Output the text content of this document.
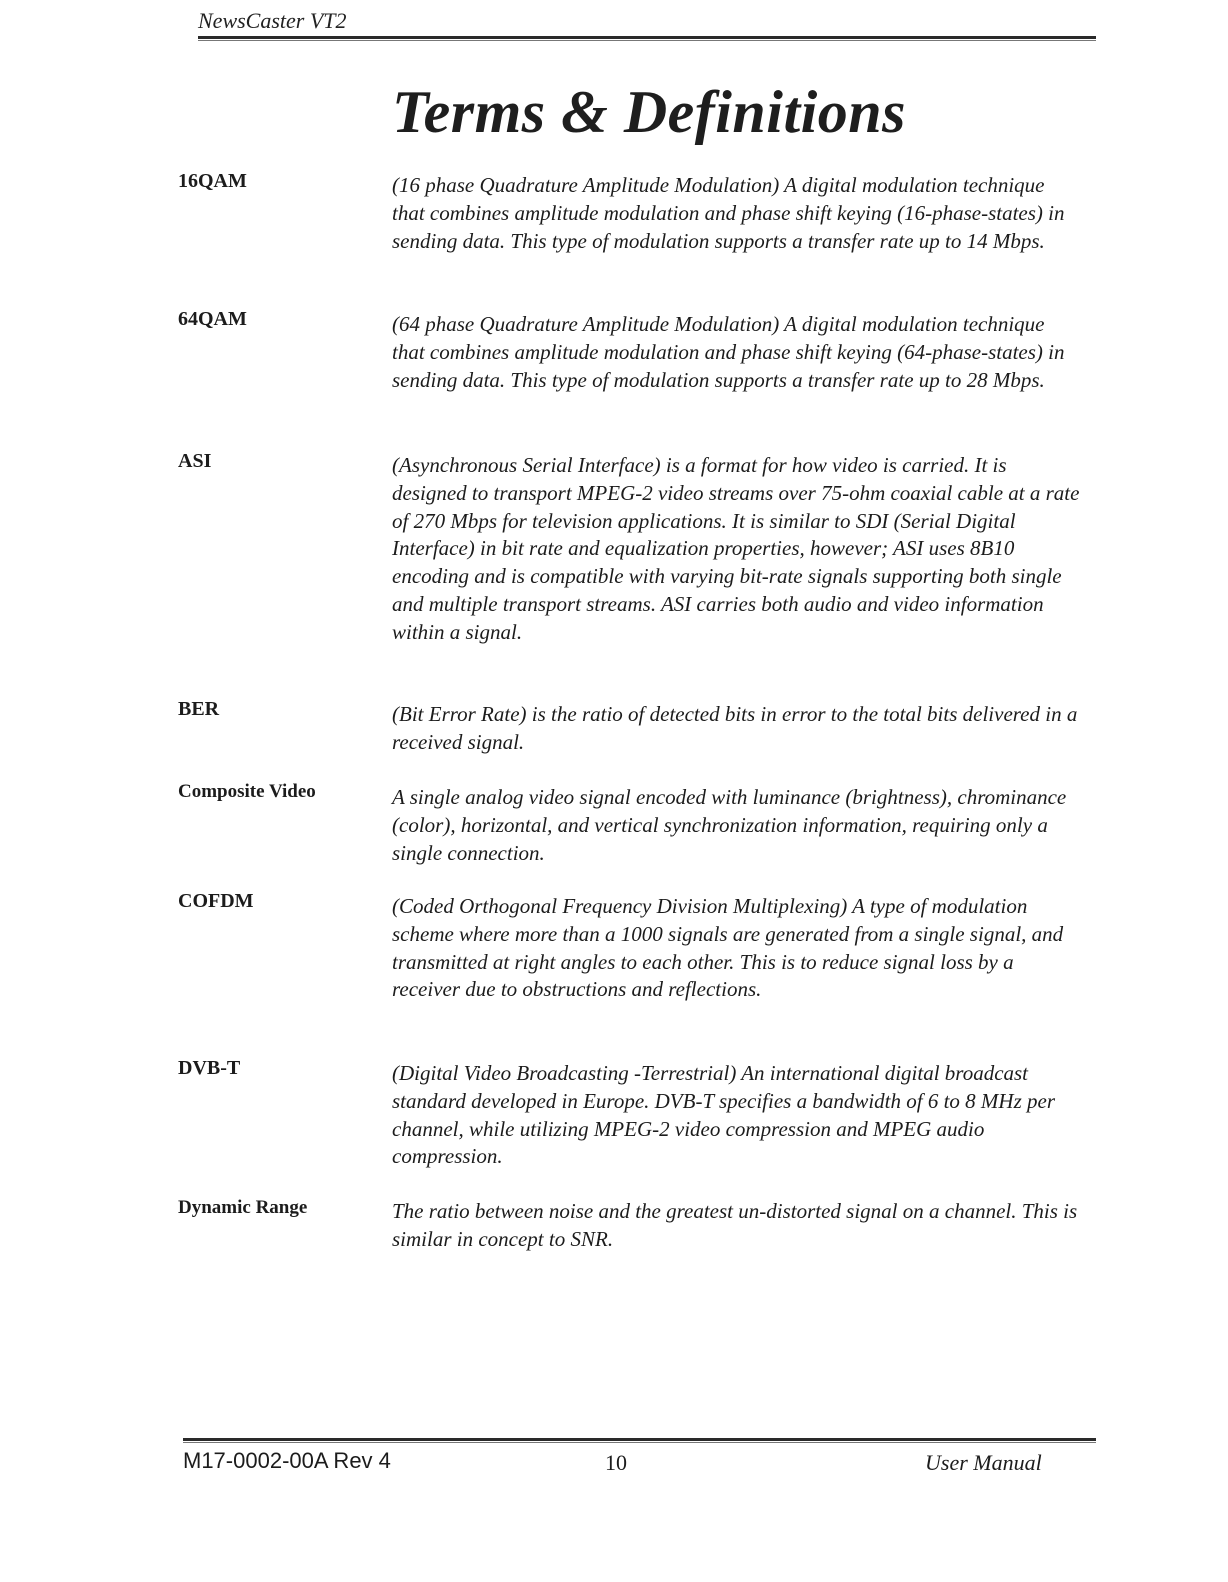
NewsCaster VT2
Terms & Definitions
16QAM	(16 phase Quadrature Amplitude Modulation) A digital modulation technique that combines amplitude modulation and phase shift keying (16-phase-states) in sending data. This type of modulation supports a transfer rate up to 14 Mbps.
64QAM	(64 phase Quadrature Amplitude Modulation) A digital modulation technique that combines amplitude modulation and phase shift keying (64-phase-states) in sending data. This type of modulation supports a transfer rate up to 28 Mbps.
ASI	(Asynchronous Serial Interface) is a format for how video is carried. It is designed to transport MPEG-2 video streams over 75-ohm coaxial cable at a rate of 270 Mbps for television applications. It is similar to SDI (Serial Digital Interface) in bit rate and equalization properties, however; ASI uses 8B10 encoding and is compatible with varying bit-rate signals supporting both single and multiple transport streams. ASI carries both audio and video information within a signal.
BER	(Bit Error Rate) is the ratio of detected bits in error to the total bits delivered in a received signal.
Composite Video	A single analog video signal encoded with luminance (brightness), chrominance (color), horizontal, and vertical synchronization information, requiring only a single connection.
COFDM	(Coded Orthogonal Frequency Division Multiplexing) A type of modulation scheme where more than a 1000 signals are generated from a single signal, and transmitted at right angles to each other. This is to reduce signal loss by a receiver due to obstructions and reflections.
DVB-T	(Digital Video Broadcasting -Terrestrial) An international digital broadcast standard developed in Europe. DVB-T specifies a bandwidth of 6 to 8 MHz per channel, while utilizing MPEG-2 video compression and MPEG audio compression.
Dynamic Range	The ratio between noise and the greatest un-distorted signal on a channel. This is similar in concept to SNR.
M17-0002-00A Rev 4	10	User Manual
